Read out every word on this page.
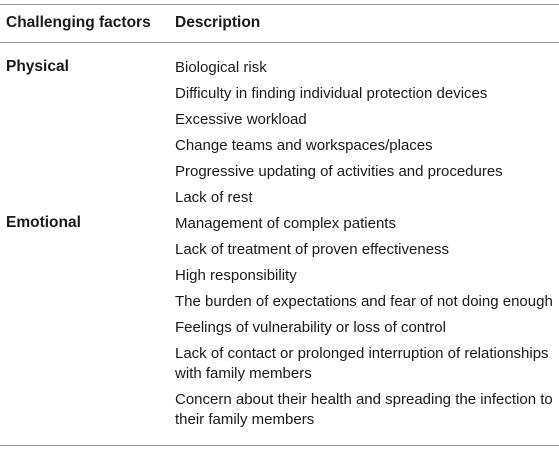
Challenging factors Description
Physical	Biological risk
Difficulty in finding individual protection devices
Excessive workload
Change teams and workspaces/places
Progressive updating of activities and procedures
Lack of rest
Emotional	Management of complex patients
Lack of treatment of proven effectiveness
High responsibility
The burden of expectations and fear of not doing enough
Feelings of vulnerability or loss of control
Lack of contact or prolonged interruption of relationships with family members
Concern about their health and spreading the infection to their family members
